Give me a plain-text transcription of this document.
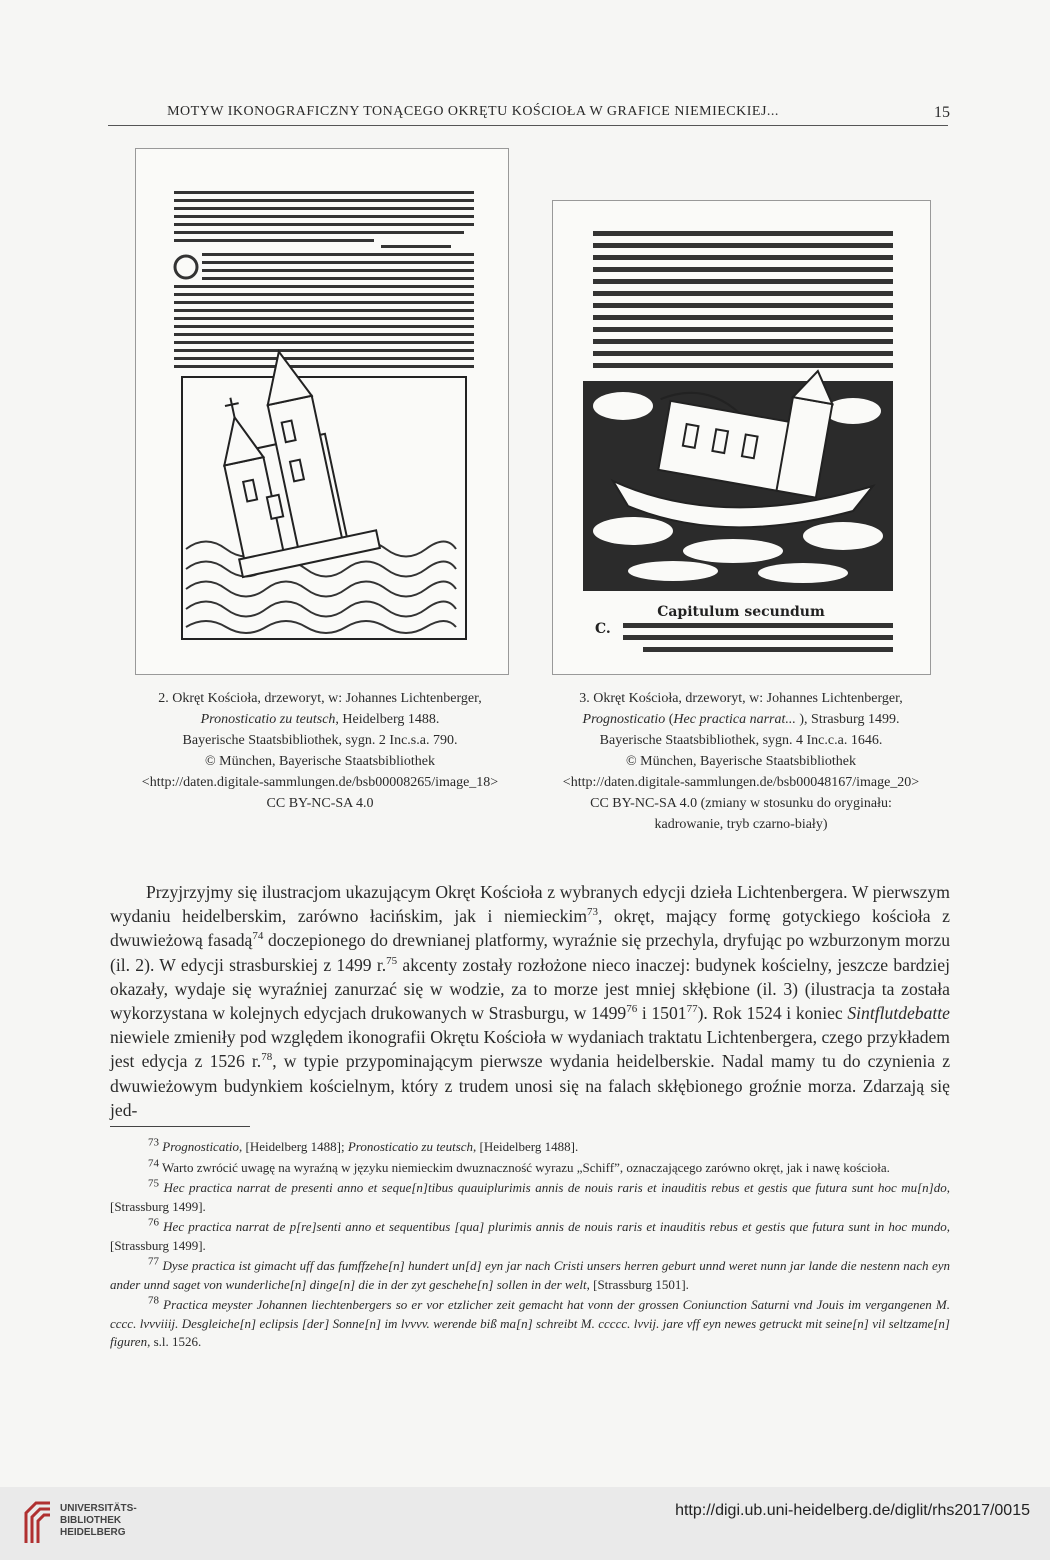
MOTYW IKONOGRAFICZNY TONĄCEGO OKRĘTU KOŚCIOŁA W GRAFICE NIEMIECKIEJ...	15
Capitulum secundum
C.
2. Okręt Kościoła, drzeworyt, w: Johannes Lichtenberger,
Pronosticatio zu teutsch, Heidelberg 1488.
Bayerische Staatsbibliothek, sygn. 2 Inc.s.a. 790.
© München, Bayerische Staatsbibliothek
<http://daten.digitale-sammlungen.de/bsb00008265/image_18>
CC BY-NC-SA 4.0
3. Okręt Kościoła, drzeworyt, w: Johannes Lichtenberger,
Prognosticatio (Hec practica narrat... ), Strasburg 1499.
Bayerische Staatsbibliothek, sygn. 4 Inc.c.a. 1646.
© München, Bayerische Staatsbibliothek
<http://daten.digitale-sammlungen.de/bsb00048167/image_20>
CC BY-NC-SA 4.0 (zmiany w stosunku do oryginału:
kadrowanie, tryb czarno-biały)

Przyjrzyjmy się ilustracjom ukazującym Okręt Kościoła z wybranych edycji dzieła Lichtenbergera. W pierwszym wydaniu heidelberskim, zarówno łacińskim, jak i niemieckim$^{73}$, okręt, mający formę gotyckiego kościoła z dwuwieżową fasadą$^{74}$ doczepionego do drewnianej platformy, wyraźnie się przechyla, dryfując po wzburzonym morzu (il. 2). W edycji strasburskiej z 1499 r.$^{75}$ akcenty zostały rozłożone nieco inaczej: budynek kościelny, jeszcze bardziej okazały, wydaje się wyraźniej zanurzać się w wodzie, za to morze jest mniej skłębione (il. 3) (ilustracja ta została wykorzystana w kolejnych edycjach drukowanych w Strasburgu, w 1499$^{76}$ i 1501$^{77}$). Rok 1524 i koniec Sintflutdebatte niewiele zmieniły pod względem ikonografii Okrętu Kościoła w wydaniach traktatu Lichtenbergera, czego przykładem jest edycja z 1526 r.$^{78}$, w typie przypominającym pierwsze wydania heidelberskie. Nadal mamy tu do czynienia z dwuwieżowym budynkiem kościelnym, który z trudem unosi się na falach skłębionego groźnie morza. Zdarzają się jed-

$^{73}$ Prognosticatio, [Heidelberg 1488]; Pronosticatio zu teutsch, [Heidelberg 1488].

$^{74}$ Warto zwrócić uwagę na wyraźną w języku niemieckim dwuznaczność wyrazu „Schiff”, oznaczającego zarówno okręt, jak i nawę kościoła.

$^{75}$ Hec practica narrat de presenti anno et seque[n]tibus quauiplurimis annis de nouis raris et inauditis rebus et gestis que futura sunt hoc mu[n]do, [Strassburg 1499].

$^{76}$ Hec practica narrat de p[re]senti anno et sequentibus [qua] plurimis annis de nouis raris et inauditis rebus et gestis que futura sunt in hoc mundo, [Strassburg 1499].

$^{77}$ Dyse practica ist gimacht uff das fumffzehe[n] hundert un[d] eyn jar nach Cristi unsers herren geburt unnd weret nunn jar lande die nestenn nach eyn ander unnd saget von wunderliche[n] dinge[n] die in der zyt geschehe[n] sollen in der welt, [Strassburg 1501].

$^{78}$ Practica meyster Johannen liechtenbergers so er vor etzlicher zeit gemacht hat vonn der grossen Coniunction Saturni vnd Jouis im vergangenen M. cccc. lvvviiij. Desgleiche[n] eclipsis [der] Sonne[n] im lvvvv. werende biß ma[n] schreibt M. ccccc. lvvij. jare vff eyn newes getruckt mit seine[n] vil seltzame[n] figuren, s.l. 1526.

UNIVERSITÄTS-
BIBLIOTHEK
HEIDELBERG
http://digi.ub.uni-heidelberg.de/diglit/rhs2017/0015
